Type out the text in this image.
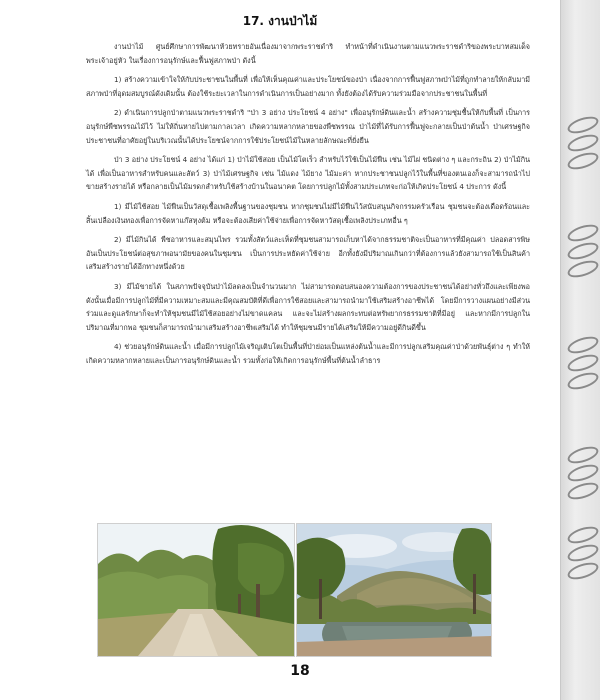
17. งานป่าไม้

งานป่าไม้ ศูนย์ศึกษาการพัฒนาห้วยทรายอันเนื่องมาจากพระราชดำริ ทำหน้าที่ดำเนินงานตามแนวพระราชดำริของพระบาทสมเด็จพระเจ้าอยู่หัว ในเรื่องการอนุรักษ์และฟื้นฟูสภาพป่า ดังนี้

1) สร้างความเข้าใจให้กับประชาชนในพื้นที่ เพื่อให้เห็นคุณค่าและประโยชน์ของป่า เนื่องจากการฟื้นฟูสภาพป่าไม้ที่ถูกทำลายให้กลับมามีสภาพป่าที่อุดมสมบูรณ์ดังเดิมนั้น ต้องใช้ระยะเวลาในการดำเนินการเป็นอย่างมาก ทั้งยังต้องได้รับความร่วมมือจากประชาชนในพื้นที่

2) ดำเนินการปลูกป่าตามแนวพระราชดำริ "ป่า 3 อย่าง ประโยชน์ 4 อย่าง" เพื่ออนุรักษ์ดินและน้ำ สร้างความชุ่มชื้นให้กับพื้นที่ เป็นการอนุรักษ์พืชพรรณไม้ไว้ ไม่ให้ถิ่นหายไปตามกาลเวลา เกิดความหลากหลายของพืชพรรณ ป่าไม้ที่ได้รับการฟื้นฟูจะกลายเป็นป่าต้นน้ำ ป่าเศรษฐกิจ ประชาชนที่อาศัยอยู่ในบริเวณนั้นได้ประโยชน์จากการใช้ประโยชน์ไม้ในหลายลักษณะที่ยั่งยืน

ป่า 3 อย่าง ประโยชน์ 4 อย่าง ได้แก่ 1) ป่าไม้ใช้สอย เป็นไม้โตเร็ว สำหรับไว้ใช้เป็นไม้ฟืน เช่น ไม้ไผ่ ชนิดต่าง ๆ และกระถิน 2) ป่าไม้กินได้ เพื่อเป็นอาหารสำหรับคนและสัตว์ 3) ป่าไม้เศรษฐกิจ เช่น ไม้แดง ไม้ยาง ไม้มะค่า หากประชาชนปลูกไว้ในพื้นที่ของตนเองก็จะสามารถนำไปขายสร้างรายได้ หรือกลายเป็นไม้มรดกสำหรับใช้สร้างบ้านในอนาคต โดยการปลูกไม้ทั้งสามประเภทจะก่อให้เกิดประโยชน์ 4 ประการ ดังนี้

1) มีไม้ใช้สอย ไม้ฟืนเป็นวัสดุเชื้อเพลิงพื้นฐานของชุมชน หากชุมชนไม่มีไม้ฟืนไว้สนับสนุนกิจกรรมครัวเรือน ชุมชนจะต้องเดือดร้อนและสิ้นเปลืองเงินทองเพื่อการจัดหาแก๊สหุงต้ม หรือจะต้องเสียค่าใช้จ่ายเพื่อการจัดหาวัสดุเชื้อเพลิงประเภทอื่น ๆ

2) มีไม้กินได้ พืชอาหารและสมุนไพร รวมทั้งสัตว์และเห็ดที่ชุมชนสามารถเก็บหาได้จากธรรมชาติจะเป็นอาหารที่มีคุณค่า ปลอดสารพิษ อันเป็นประโยชน์ต่อสุขภาพอนามัยของคนในชุมชน เป็นการประหยัดค่าใช้จ่าย อีกทั้งยังมีปริมาณเกินกว่าที่ต้องการแล้วยังสามารถใช้เป็นสินค้าเสริมสร้างรายได้อีกทางหนึ่งด้วย

3) มีไม้ขายได้ ในสภาพปัจจุบันป่าไม้ลดลงเป็นจำนวนมาก ไม่สามารถตอบสนองความต้องการของประชาชนได้อย่างทั่วถึงและเพียงพอ ดังนั้นเมื่อมีการปลูกไม้ที่มีความเหมาะสมและมีคุณสมบัติที่ดีเพื่อการใช้สอยและสามารถนำมาใช้เสริมสร้างอาชีพได้ โดยมีการวางแผนอย่างมีส่วนร่วมและดูแลรักษาก็จะทำให้ชุมชนมีไม้ใช้สอยอย่างไม่ขาดแคลน และจะไม่สร้างผลกระทบต่อทรัพยากรธรรมชาติที่มีอยู่ และหากมีการปลูกในปริมาณที่มากพอ ชุมชนก็สามารถนำมาเสริมสร้างอาชีพเสริมได้ ทำให้ชุมชนมีรายได้เสริมให้มีความอยู่ดีกินดีขึ้น

4) ช่วยอนุรักษ์ดินและน้ำ เมื่อมีการปลูกไม้เจริญเติบโตเป็นพื้นที่ป่าย่อมเป็นแหล่งต้นน้ำและมีการปลูกเสริมคุณค่าป่าด้วยพันธุ์ต่าง ๆ ทำให้เกิดความหลากหลายและเป็นการอนุรักษ์ดินและน้ำ รวมทั้งก่อให้เกิดการอนุรักษ์พื้นที่ต้นน้ำลำธาร

18
